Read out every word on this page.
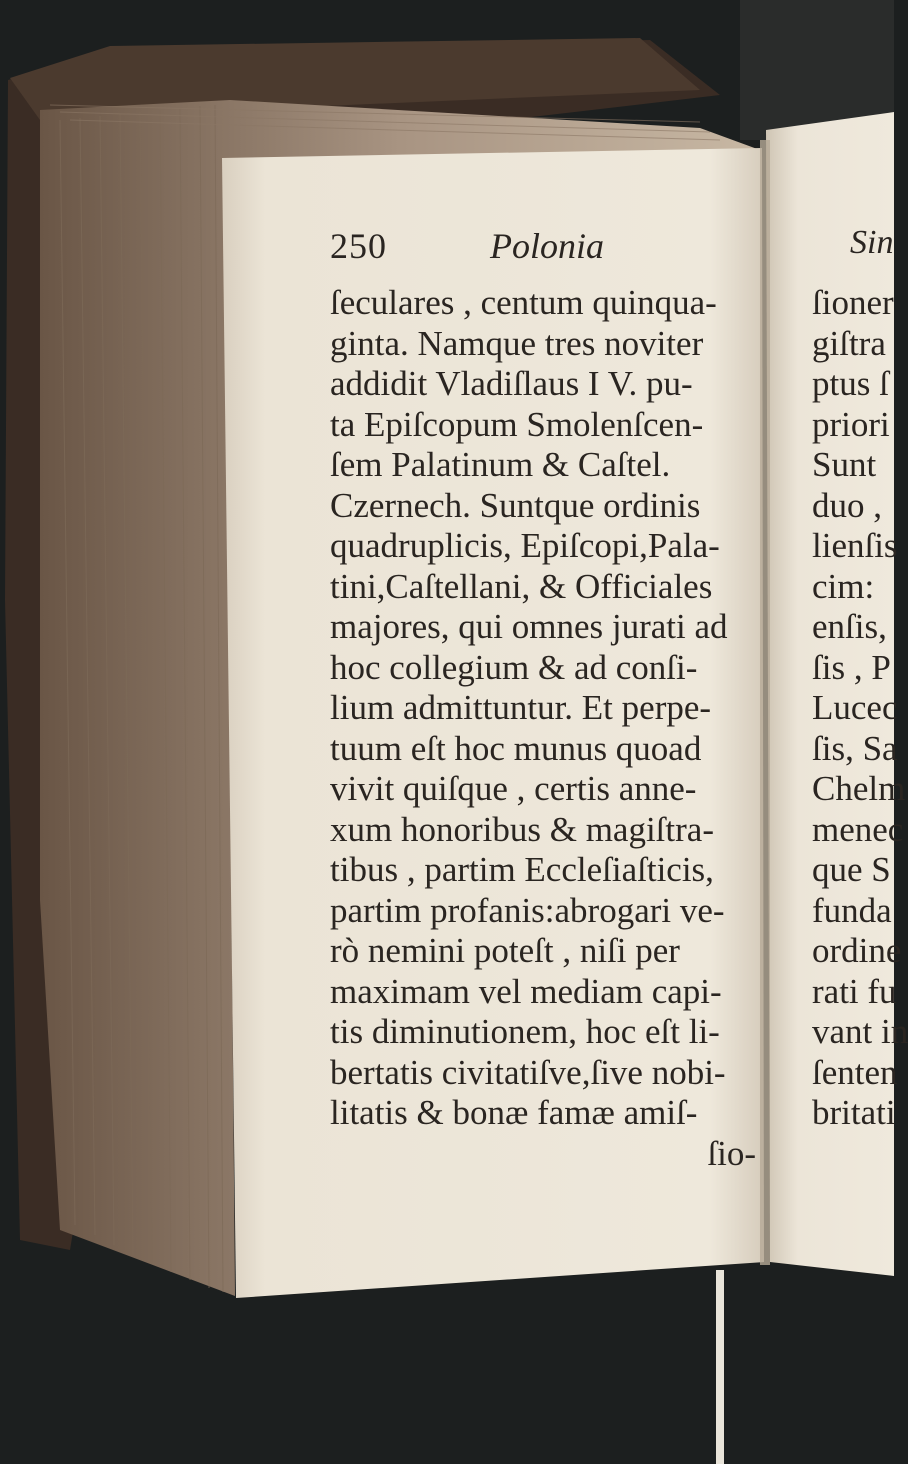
250	Polonia
ſeculares , centum quinqua-
ginta. Namque tres noviter
addidit Vladiſlaus I V. pu-
ta Epiſcopum Smolenſcen-
ſem Palatinum & Caſtel.
Czernech. Suntque ordinis
quadruplicis, Epiſcopi,Pala-
tini,Caſtellani, & Officiales
majores, qui omnes jurati ad
hoc collegium & ad conſi-
lium admittuntur. Et perpe-
tuum eſt hoc munus quoad
vivit quiſque , certis anne-
xum honoribus & magiſtra-
tibus , partim Eccleſiaſticis,
partim profanis:abrogari ve-
rò nemini poteſt , niſi per
maximam vel mediam capi-
tis diminutionem, hoc eſt li-
bertatis civitatiſve,ſive nobi-
litatis & bonæ famæ amiſ-
ſio-
Sin
ſioner
giſtra
ptus ſ
priori
Sunt
duo ,
lienſis
cim:
enſis,
ſis , P
Lucec
ſis, Sa
Chelm
menec
que S
funda
ordine
rati fu
vant in
ſenten
britati
